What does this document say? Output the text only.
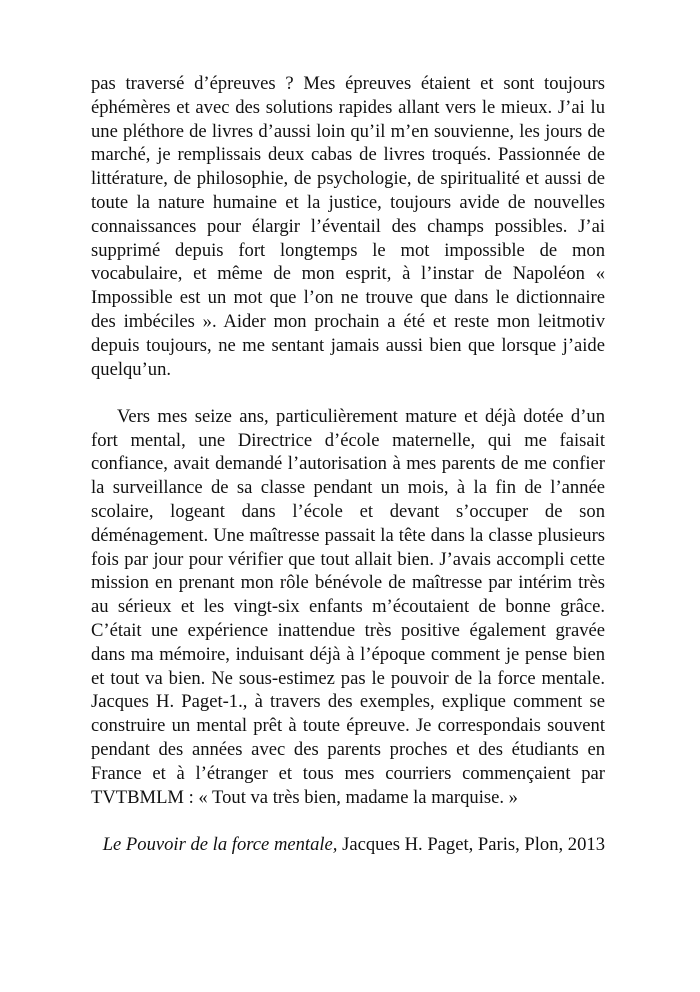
pas traversé d’épreuves ? Mes épreuves étaient et sont toujours éphémères et avec des solutions rapides allant vers le mieux. J’ai lu une pléthore de livres d’aussi loin qu’il m’en souvienne, les jours de marché, je remplissais deux cabas de livres troqués. Passionnée de littérature, de philosophie, de psychologie, de spiritualité et aussi de toute la nature humaine et la justice, toujours avide de nouvelles connaissances pour élargir l’éventail des champs possibles. J’ai supprimé depuis fort longtemps le mot impossible de mon vocabulaire, et même de mon esprit, à l’instar de Napoléon « Impossible est un mot que l’on ne trouve que dans le dictionnaire des imbéciles ». Aider mon prochain a été et reste mon leitmotiv depuis toujours, ne me sentant jamais aussi bien que lorsque j’aide quelqu’un.

Vers mes seize ans, particulièrement mature et déjà dotée d’un fort mental, une Directrice d’école maternelle, qui me faisait confiance, avait demandé l’autorisation à mes parents de me confier la surveillance de sa classe pendant un mois, à la fin de l’année scolaire, logeant dans l’école et devant s’occuper de son déménagement. Une maîtresse passait la tête dans la classe plusieurs fois par jour pour vérifier que tout allait bien. J’avais accompli cette mission en prenant mon rôle bénévole de maîtresse par intérim très au sérieux et les vingt-six enfants m’écoutaient de bonne grâce. C’était une expérience inattendue très positive également gravée dans ma mémoire, induisant déjà à l’époque comment je pense bien et tout va bien. Ne sous-estimez pas le pouvoir de la force mentale. Jacques H. Paget-1., à travers des exemples, explique comment se construire un mental prêt à toute épreuve. Je correspondais souvent pendant des années avec des parents proches et des étudiants en France et à l’étranger et tous mes courriers commençaient par TVTBMLM : « Tout va très bien, madame la marquise. »

Le Pouvoir de la force mentale, Jacques H. Paget, Paris, Plon, 2013
